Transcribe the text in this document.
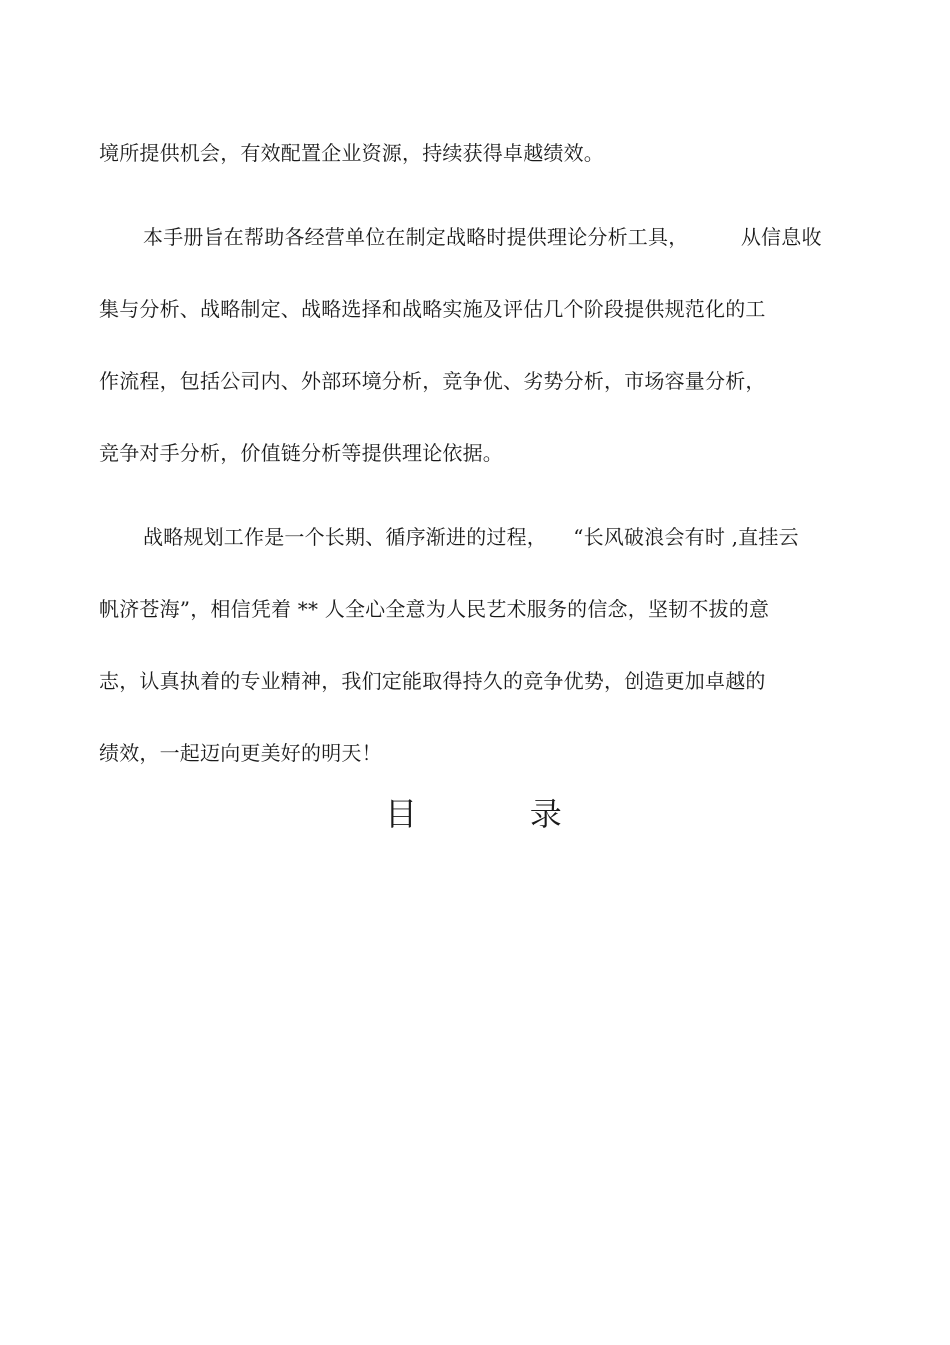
境所提供机会，有效配置企业资源，持续获得卓越绩效。
本手册旨在帮助各经营单位在制定战略时提供理论分析工具，        从信息收
集与分析、战略制定、战略选择和战略实施及评估几个阶段提供规范化的工
作流程，包括公司内、外部环境分析，竞争优、劣势分析，市场容量分析，
竞争对手分析，价值链分析等提供理论依据。
战略规划工作是一个长期、循序渐进的过程，    “长风破浪会有时 ,直挂云
帆济苍海”，相信凭着 ** 人全心全意为人民艺术服务的信念，坚韧不拔的意
志，认真执着的专业精神，我们定能取得持久的竞争优势，创造更加卓越的
绩效，一起迈向更美好的明天！
目          录
